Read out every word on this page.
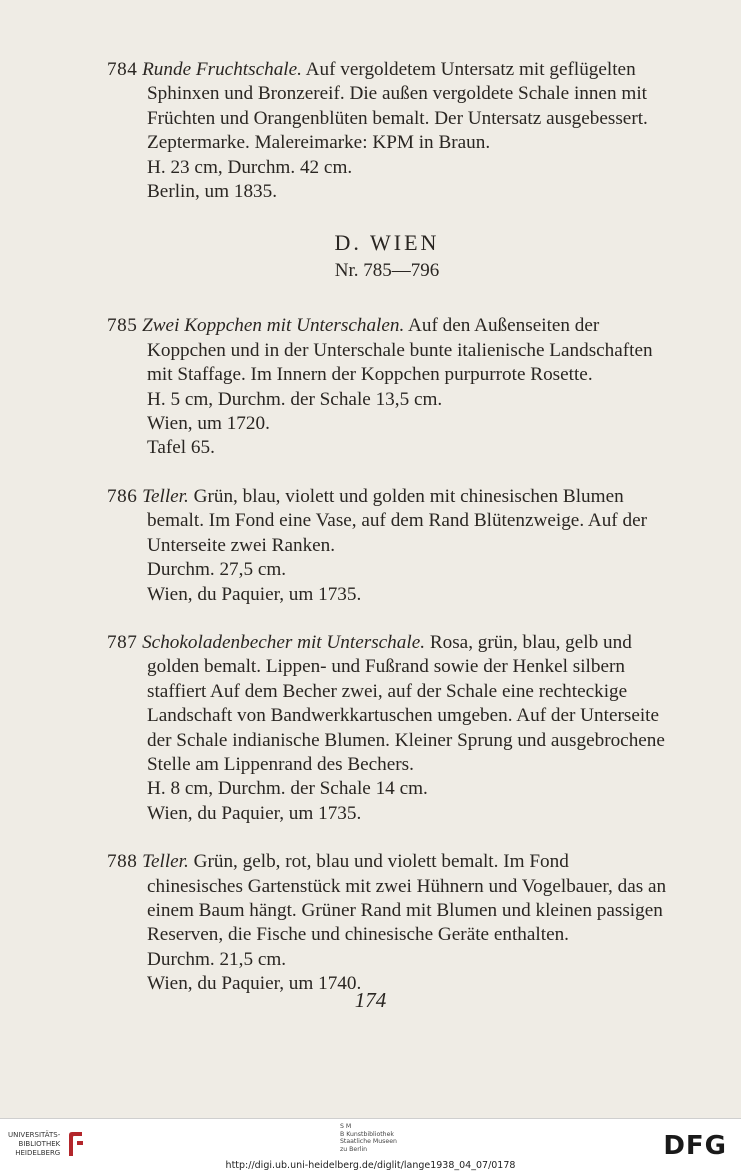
784 Runde Fruchtschale. Auf vergoldetem Untersatz mit geflügelten Sphinxen und Bronzereif. Die außen vergoldete Schale innen mit Früchten und Orangenblüten bemalt. Der Untersatz ausgebessert.
Zeptermarke. Malereimarke: KPM in Braun.
H. 23 cm, Durchm. 42 cm.
Berlin, um 1835.
D. WIEN
Nr. 785—796
785 Zwei Koppchen mit Unterschalen. Auf den Außenseiten der Koppchen und in der Unterschale bunte italienische Landschaften mit Staffage. Im Innern der Koppchen purpurrote Rosette.
H. 5 cm, Durchm. der Schale 13,5 cm.
Wien, um 1720.
Tafel 65.
786 Teller. Grün, blau, violett und golden mit chinesischen Blumen bemalt. Im Fond eine Vase, auf dem Rand Blütenzweige. Auf der Unterseite zwei Ranken.
Durchm. 27,5 cm.
Wien, du Paquier, um 1735.
787 Schokoladenbecher mit Unterschale. Rosa, grün, blau, gelb und golden bemalt. Lippen- und Fußrand sowie der Henkel silbern staffiert Auf dem Becher zwei, auf der Schale eine rechteckige Landschaft von Bandwerkkartuschen umgeben. Auf der Unterseite der Schale indianische Blumen. Kleiner Sprung und ausgebrochene Stelle am Lippenrand des Bechers.
H. 8 cm, Durchm. der Schale 14 cm.
Wien, du Paquier, um 1735.
788 Teller. Grün, gelb, rot, blau und violett bemalt. Im Fond chinesisches Gartenstück mit zwei Hühnern und Vogelbauer, das an einem Baum hängt. Grüner Rand mit Blumen und kleinen passigen Reserven, die Fische und chinesische Geräte enthalten.
Durchm. 21,5 cm.
Wien, du Paquier, um 1740.
174
UNIVERSITÄTS-
BIBLIOTHEK
HEIDELBERG
S M
B Kunstbibliothek
Staatliche Museen
zu Berlin	DFG
http://digi.ub.uni-heidelberg.de/diglit/lange1938_04_07/0178
